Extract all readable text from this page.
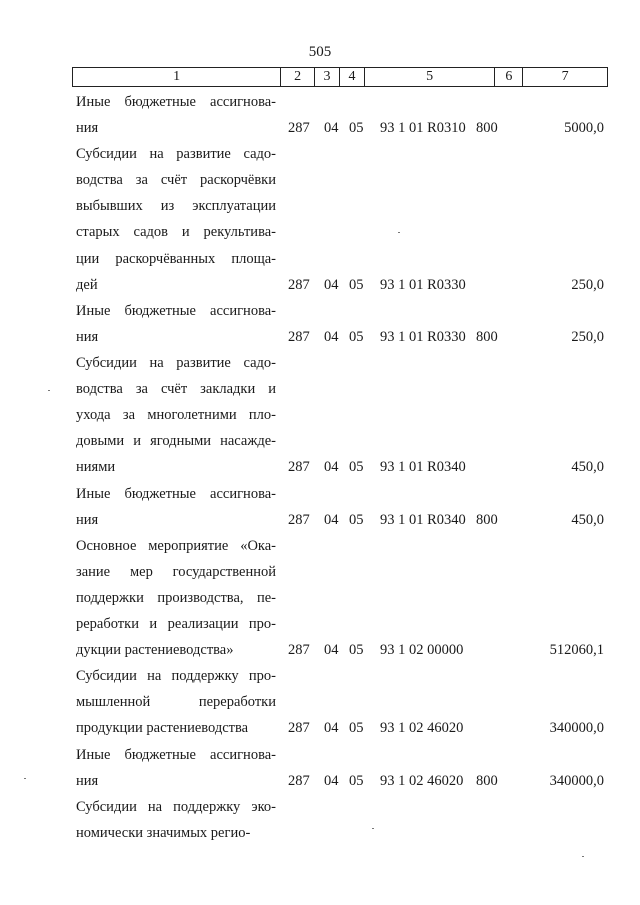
505
1	2	3	4	5	6	7
Иные бюджетные ассигнова-
ния	287 04 05 93 1 01 R0310 800	5000,0
Субсидии на развитие садо-
водства за счёт раскорчёвки
выбывших из эксплуатации
старых садов и рекультива-
ции раскорчёванных площа-
дей	287 04 05 93 1 01 R0330	250,0
Иные бюджетные ассигнова-
ния	287 04 05 93 1 01 R0330 800	250,0
Субсидии на развитие садо-
водства за счёт закладки и
ухода за многолетними пло-
довыми и ягодными насажде-
ниями	287 04 05 93 1 01 R0340	450,0
Иные бюджетные ассигнова-
ния	287 04 05 93 1 01 R0340 800	450,0
Основное мероприятие «Ока-
зание мер государственной
поддержки производства, пе-
реработки и реализации про-
дукции растениеводства»	287 04 05 93 1 02 00000	512060,1
Субсидии на поддержку про-
мышленной переработки
продукции растениеводства	287 04 05 93 1 02 46020	340000,0
Иные бюджетные ассигнова-
ния	287 04 05 93 1 02 46020 800	340000,0
Субсидии на поддержку эко-
номически значимых регио-
